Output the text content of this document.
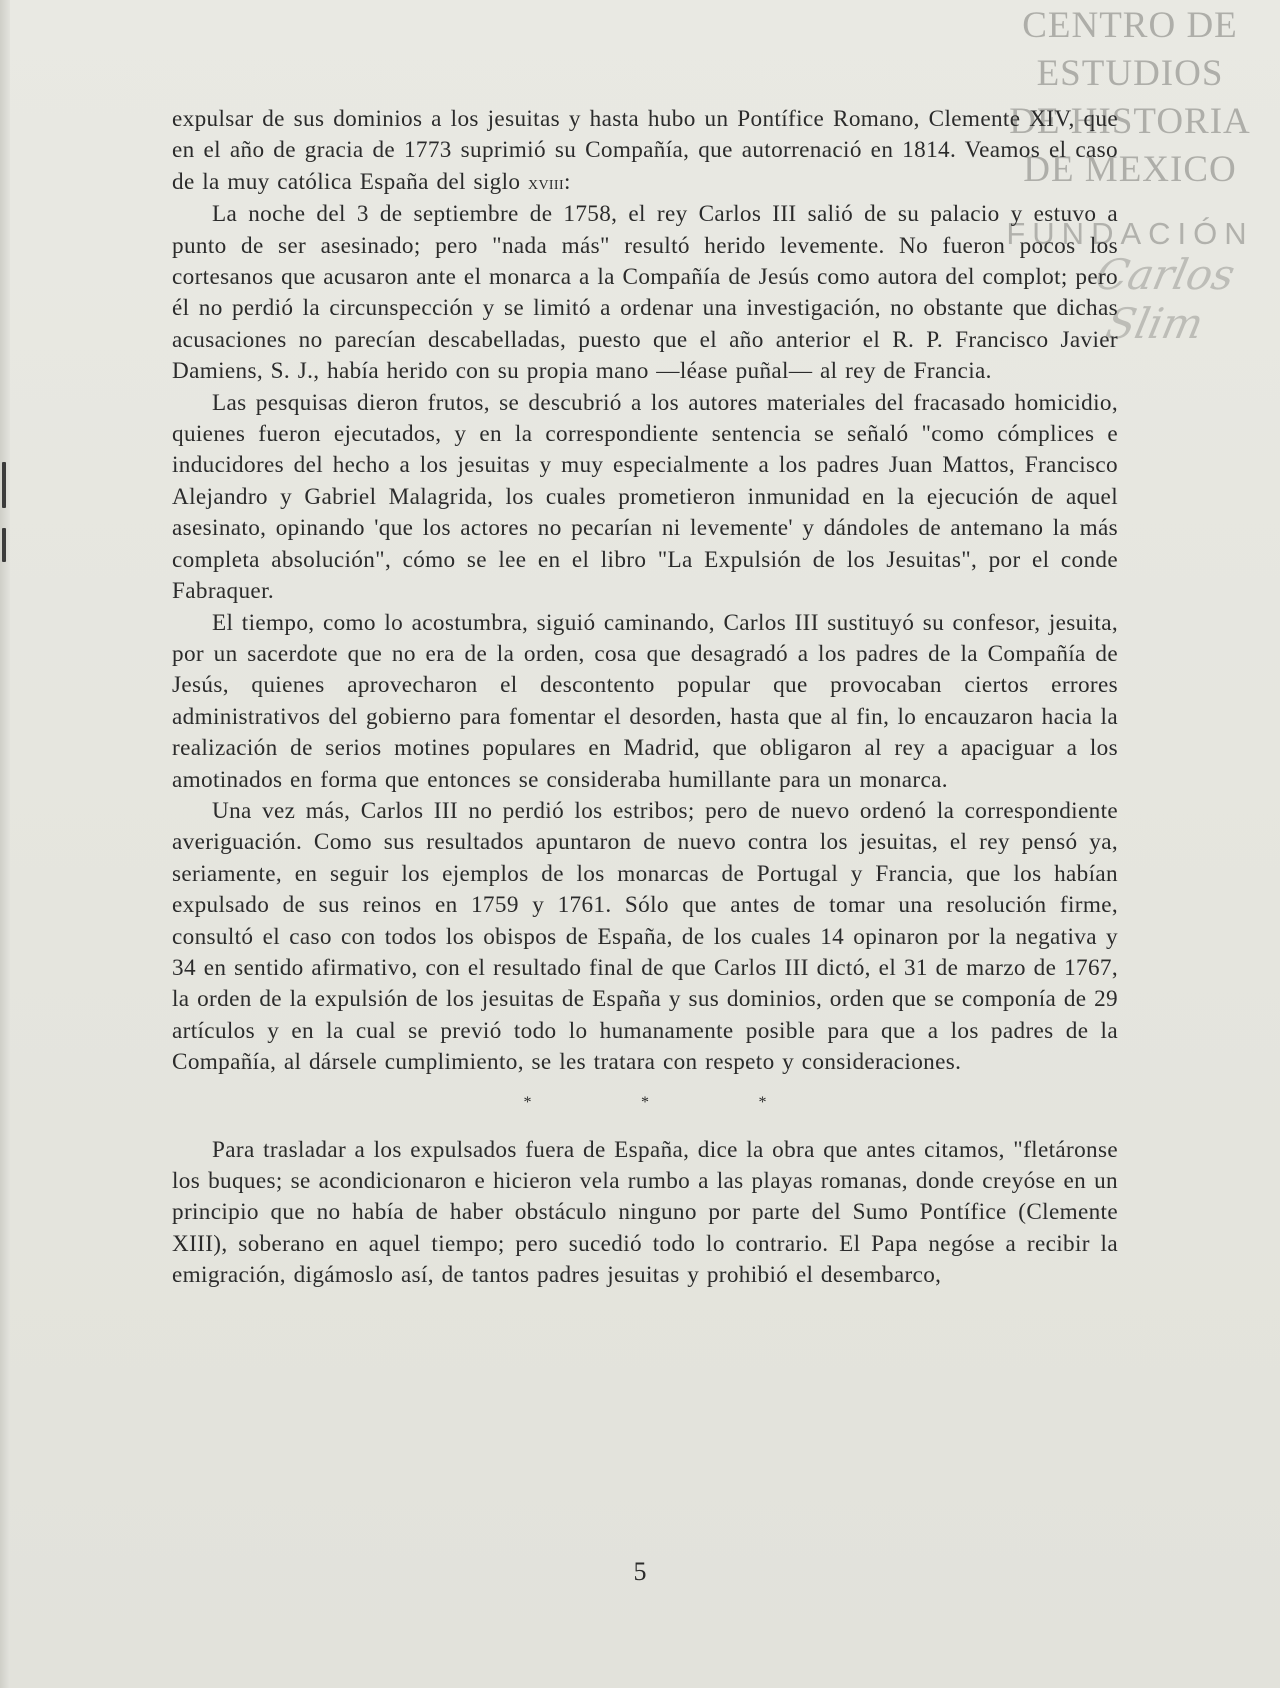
CENTRO DE
ESTUDIOS
DE HISTORIA
DE MEXICO
FUNDACIÓN
Carlos Slim

expulsar de sus dominios a los jesuitas y hasta hubo un Pontífice Romano, Clemente XIV, que en el año de gracia de 1773 suprimió su Compañía, que autorrenació en 1814. Veamos el caso de la muy católica España del siglo xviii:

La noche del 3 de septiembre de 1758, el rey Carlos III salió de su palacio y estuvo a punto de ser asesinado; pero "nada más" resultó herido levemente. No fueron pocos los cortesanos que acusaron ante el monarca a la Compañía de Jesús como autora del complot; pero él no perdió la circunspección y se limitó a ordenar una investigación, no obstante que dichas acusaciones no parecían descabelladas, puesto que el año anterior el R. P. Francisco Javier Damiens, S. J., había herido con su propia mano —léase puñal— al rey de Francia.

Las pesquisas dieron frutos, se descubrió a los autores materiales del fracasado homicidio, quienes fueron ejecutados, y en la correspondiente sentencia se señaló "como cómplices e inducidores del hecho a los jesuitas y muy especialmente a los padres Juan Mattos, Francisco Alejandro y Gabriel Malagrida, los cuales prometieron inmunidad en la ejecución de aquel asesinato, opinando 'que los actores no pecarían ni levemente' y dándoles de antemano la más completa absolución", cómo se lee en el libro "La Expulsión de los Jesuitas", por el conde Fabraquer.

El tiempo, como lo acostumbra, siguió caminando, Carlos III sustituyó su confesor, jesuita, por un sacerdote que no era de la orden, cosa que desagradó a los padres de la Compañía de Jesús, quienes aprovecharon el descontento popular que provocaban ciertos errores administrativos del gobierno para fomentar el desorden, hasta que al fin, lo encauzaron hacia la realización de serios motines populares en Madrid, que obligaron al rey a apaciguar a los amotinados en forma que entonces se consideraba humillante para un monarca.

Una vez más, Carlos III no perdió los estribos; pero de nuevo ordenó la correspondiente averiguación. Como sus resultados apuntaron de nuevo contra los jesuitas, el rey pensó ya, seriamente, en seguir los ejemplos de los monarcas de Portugal y Francia, que los habían expulsado de sus reinos en 1759 y 1761. Sólo que antes de tomar una resolución firme, consultó el caso con todos los obispos de España, de los cuales 14 opinaron por la negativa y 34 en sentido afirmativo, con el resultado final de que Carlos III dictó, el 31 de marzo de 1767, la orden de la expulsión de los jesuitas de España y sus dominios, orden que se componía de 29 artículos y en la cual se previó todo lo humanamente posible para que a los padres de la Compañía, al dársele cumplimiento, se les tratara con respeto y consideraciones.

* * *

Para trasladar a los expulsados fuera de España, dice la obra que antes citamos, "fletáronse los buques; se acondicionaron e hicieron vela rumbo a las playas romanas, donde creyóse en un principio que no había de haber obstáculo ninguno por parte del Sumo Pontífice (Clemente XIII), soberano en aquel tiempo; pero sucedió todo lo contrario. El Papa negóse a recibir la emigración, digámoslo así, de tantos padres jesuitas y prohibió el desembarco,

5
